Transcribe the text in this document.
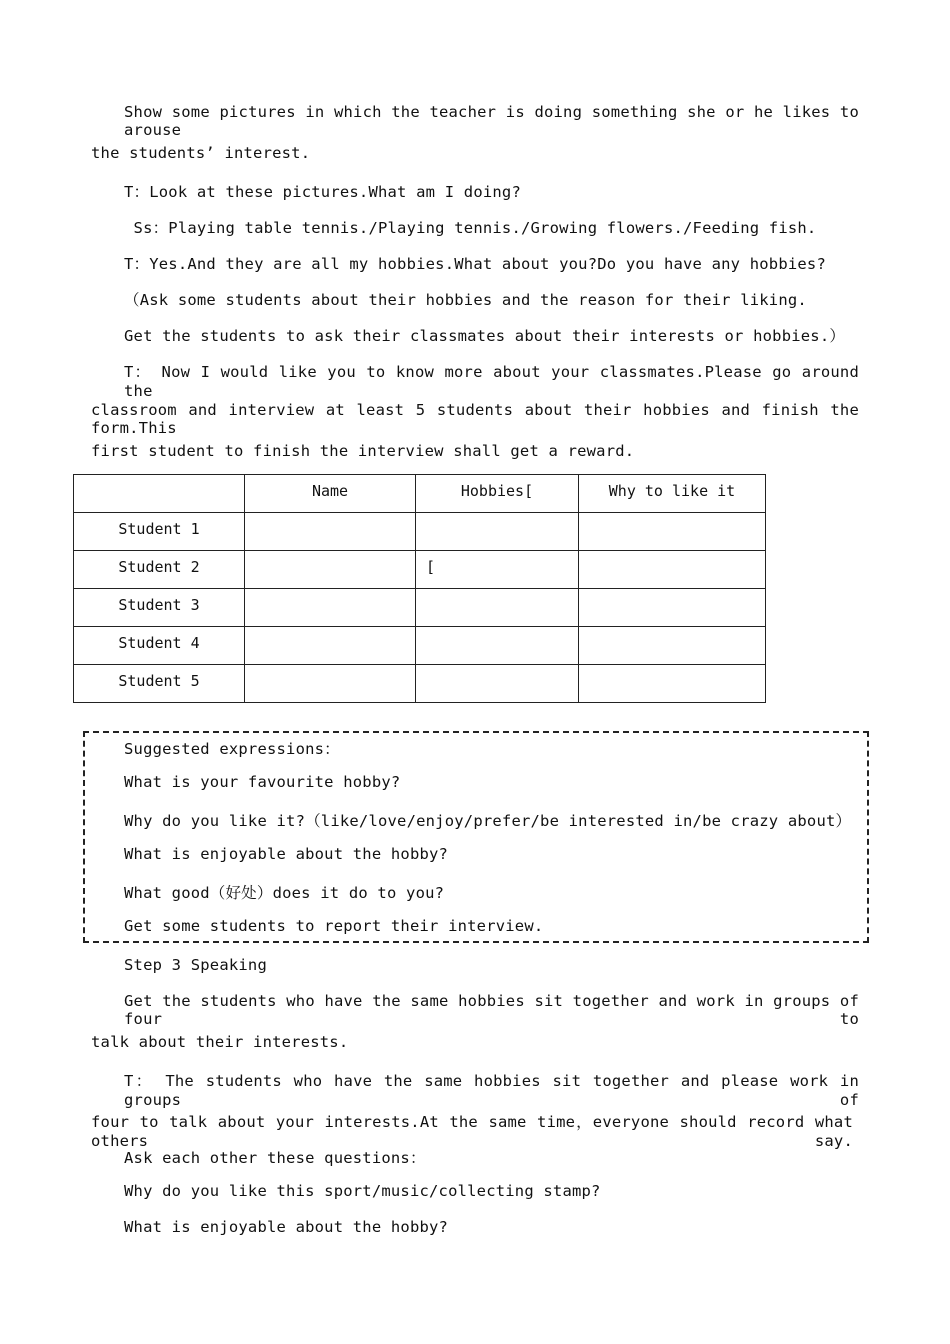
Show some pictures in which the teacher is doing something she or he likes to arouse

the students’ interest.

T：Look at these pictures.What am I doing?

Ss：Playing table tennis./Playing tennis./Growing flowers./Feeding fish.

T：Yes.And they are all my hobbies.What about you?Do you have any hobbies?

（Ask some students about their hobbies and the reason for their liking.

Get the students to ask their classmates about their interests or hobbies.）

T： Now I would like you to know more about your classmates.Please go around the

classroom and interview at least 5 students about their hobbies and finish the form.This

first student to finish the interview shall get a reward.

	Name	Hobbies[	Why to like it

Student 1			

Student 2		[	

Student 3			

Student 4			

Student 5			

Suggested expressions：

What is your favourite hobby?

Why do you like it?（like/love/enjoy/prefer/be interested in/be crazy about）

What is enjoyable about the hobby?

What good（好处）does it do to you?

Get some students to report their interview.

Step 3 Speaking

Get the students who have the same hobbies sit together and work in groups of four to

talk about their interests.

T： The students who have the same hobbies sit together and please work in groups of

four to talk about your interests.At the same time，everyone should record what others say.

Ask each other these questions：

Why do you like this sport/music/collecting stamp?

What is enjoyable about the hobby?
